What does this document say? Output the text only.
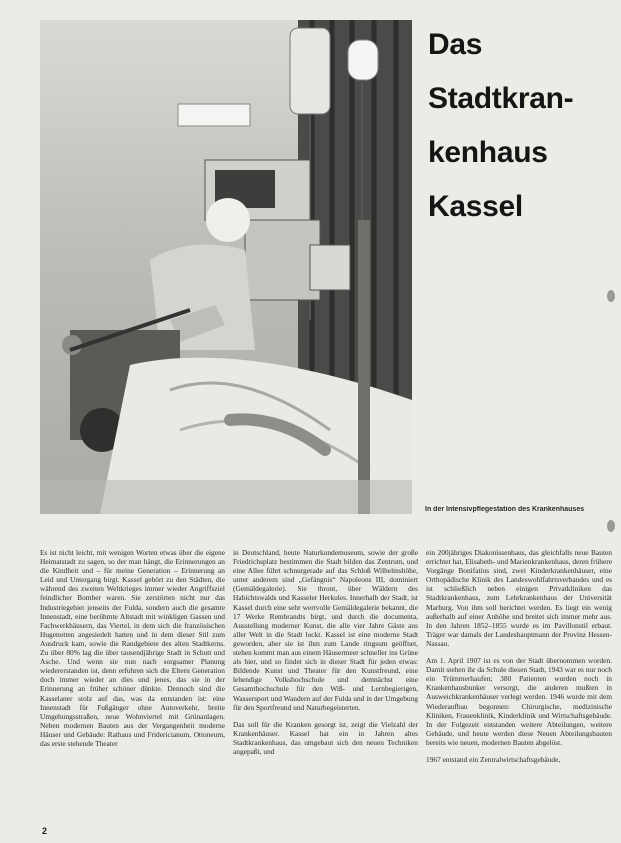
Das
Stadtkran-
kenhaus
Kassel
In der Intensivpflegestation des Krankenhauses

Es ist nicht leicht, mit wenigen Worten etwas über die eigene Heimatstadt zu sagen, so der man hängt, die Erinnerungen an die Kindheit und – für meine Generation – Erinnerung an Leid und Untergang birgt. Kassel gehört zu den Städten, die während des zweiten Weltkrieges immer wieder Angriffsziel feindlicher Bomber waren. Sie zerstörten nicht nur das Industriegebiet jenseits der Fulda, sondern auch die gesamte Innenstadt, eine berühmte Altstadt mit winkligen Gassen und Fachwerkhäusern, das Viertel, in dem sich die französischen Hugenotten angesiedelt hatten und in dem dieser Stil zum Ausdruck kam, sowie die Randgebiete des alten Stadtkerns. Zu über 80% lag die über tausendjährige Stadt in Schutt und Asche. Und wenn sie nun nach sorgsamer Planung wiedererstanden ist, denn erfuhren sich die Eltern Generation doch immer wieder an dies und jenes, das sie in der Erinnerung an früher schöner dünkte. Dennoch sind die Kasselaner stolz auf das, was da entstanden ist: eine Innenstadt für Fußgänger ohne Autoverkehr, breite Umgehungsstraßen, neue Wohnviertel mit Grünanlagen. Neben modernen Bauten aus der Vergangenheit moderne Häuser und Gebäude: Rathaus und Fridericianum, Ottoneum, das erste stehende Theater

in Deutschland, heute Naturkundemuseum, sowie der große Friedrichsplatz bestimmen die Stadt bilden das Zentrum, und eine Allee führt schnurgerade auf das Schloß Wilhelmshöhe, unter anderem sind „Gefängnis“ Napoleons III, dominiert (Gemäldegalerie). Sie thront, über Wäldern des Habichtswalds und Kasseler Herkules. Innerhalb der Stadt, ist Kassel durch eine sehr wertvolle Gemäldegalerie bekannt, die 17 Werke Rembrandts birgt, und durch die documenta, Ausstellung moderner Kunst, die alle vier Jahre Gäste aus aller Welt in die Stadt lockt. Kassel ist eine moderne Stadt geworden, aber sie ist ihm zum Lande ringsum geöffnet, stehen kommt man aus einem Häusermeer schneller ins Grüne als hier, und so findet sich in dieser Stadt für jeden etwas: Bildende Kunst und Theater für den Kunstfreund, eine lebendige Volkshochschule und demnächst eine Gesamthochschule für den Wiß- und Lernbegierigen, Wassersport und Wandern auf der Fulda und in der Umgebung für den Sportfreund und Naturbegeisterten.

Das soll für die Kranken gesorgt ist, zeigt die Vielzahl der Krankenhäuser. Kassel hat ein in Jahren altes Stadtkrankenhaus, das umgebaut sich den neuen Techniken angepaßt, und

ein 200jähriges Diakonissenhaus, das gleichfalls neue Bauten errichtet hat, Elisabeth- und Marienkrankenhaus, deren frühere Vorgänge Bonifatius sind, zwei Kinderkrankenhäuser, eine Orthopädische Klinik des Landeswohlfahrtsverbandes und es ist schließlich neben einigen Privatkliniken das Stadtkrankenhaus, zum Lehrkrankenhaus der Universität Marburg. Von ihm soll berichtet werden. Es liegt ein wenig außerhalb auf einer Anhöhe und breitet sich immer mehr aus. In den Jahren 1852–1855 wurde es im Pavillonstil erbaut. Träger war damals der Landeshauptmann der Provinz Hessen-Nassau.

Am 1. April 1907 ist es von der Stadt übernommen worden. Damit stehen ihr da Schule diesen Stadt, 1943 war es nur noch ein Trümmerhaufen; 380 Patienten wurden noch in Krankenhausbunker versorgt, die anderen mußten in Ausweichkrankenhäuser verlegt werden. 1946 wurde mit dem Wiederaufbau begonnen: Chirurgische, medizinische Kliniken, Frauenklinik, Kinderklinik und Wirtschaftsgebäude. In der Folgezeit entstanden weitere Abteilungen, weitere Gebäude, und heute werden diese Neuen Abteilungsbauten bereits wie neuen, modernen Bauten abgelöst.

1967 entstand ein Zentralwirtschaftsgebäude,

2
